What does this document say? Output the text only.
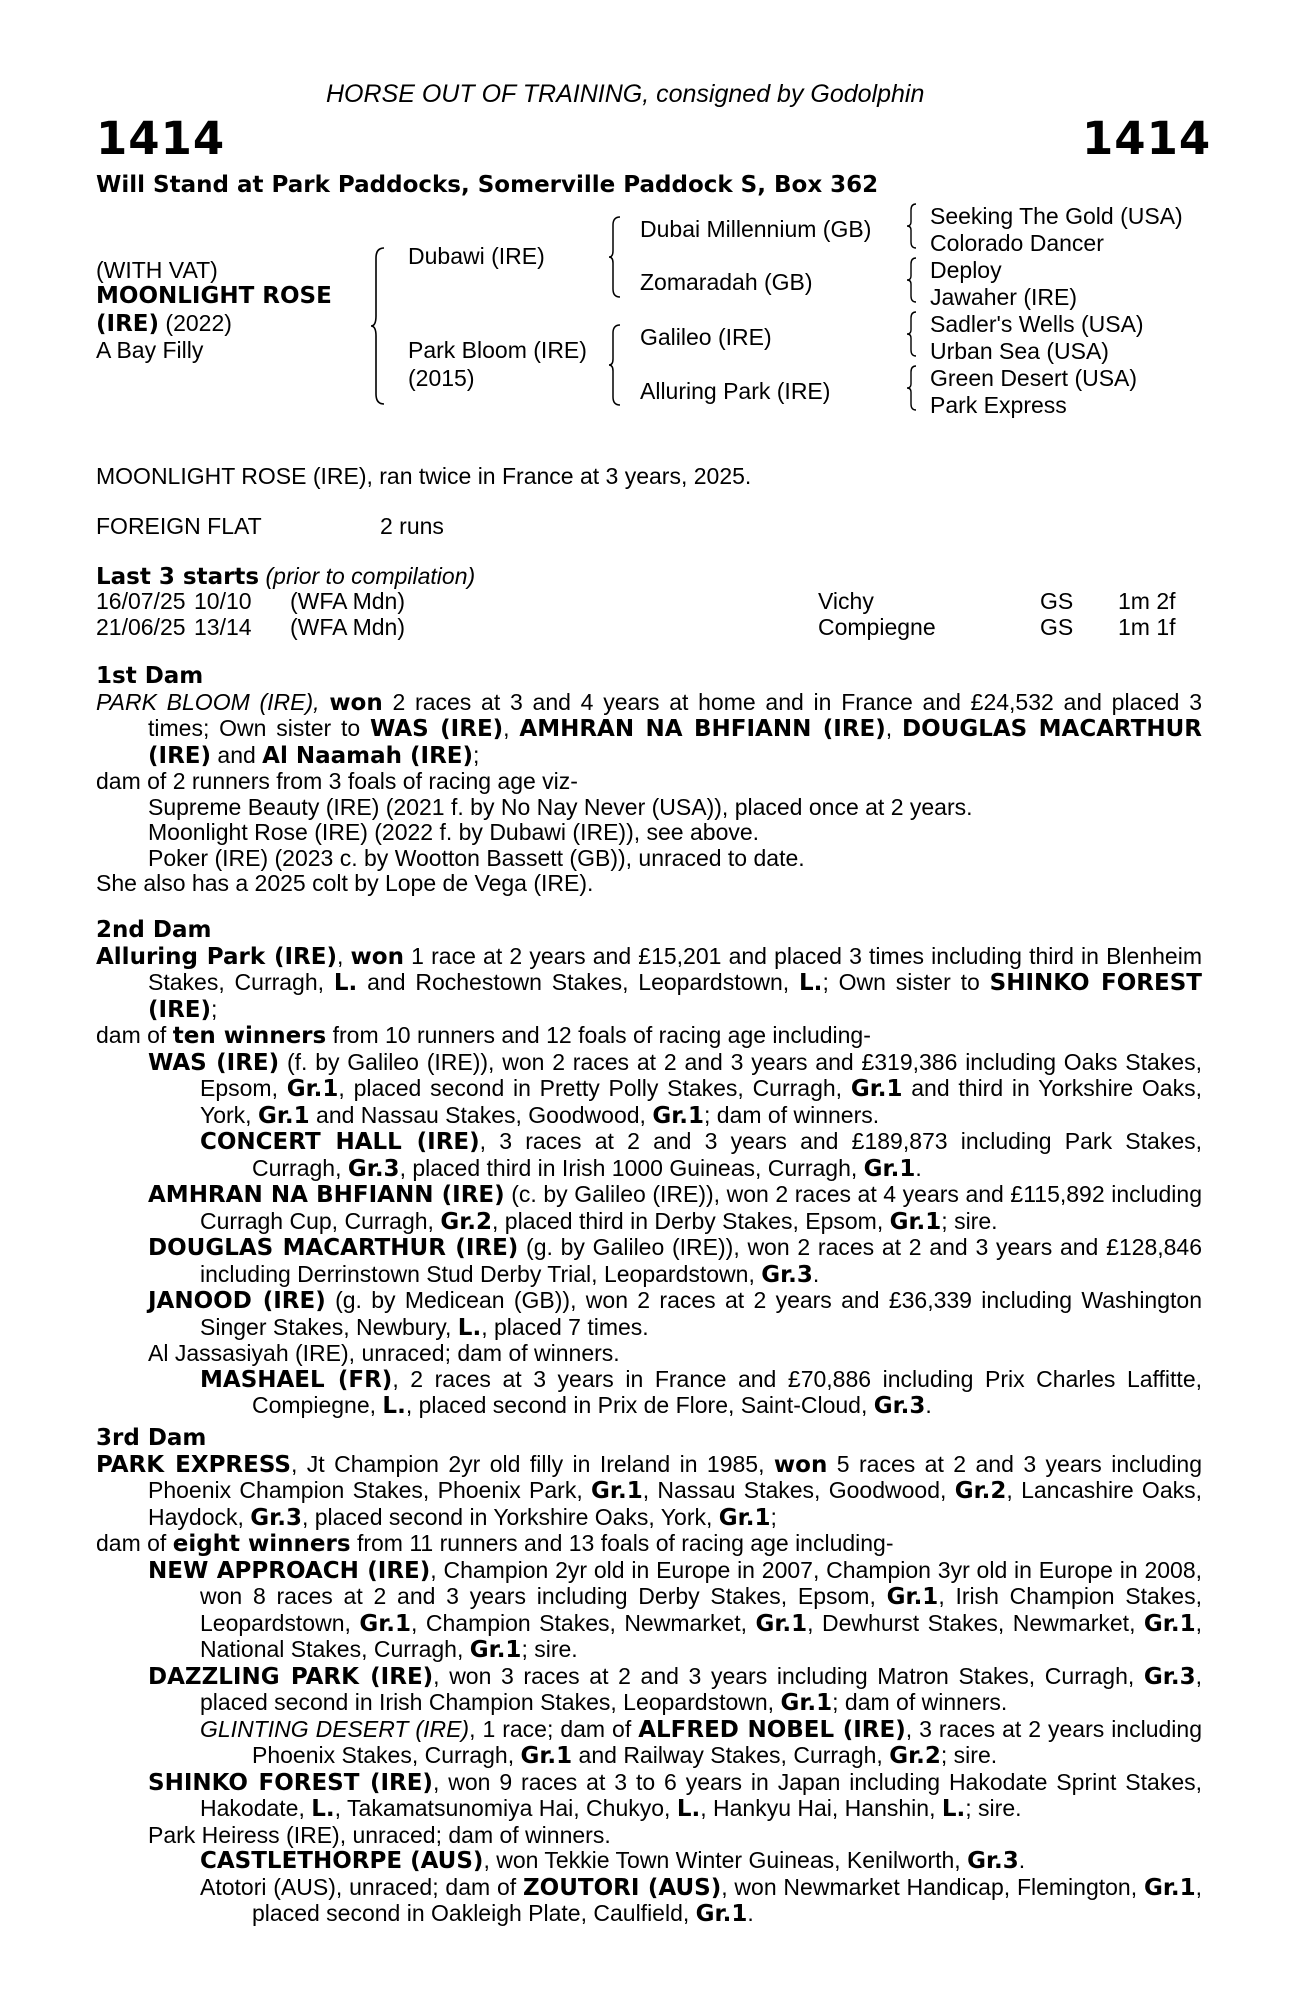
HORSE OUT OF TRAINING, consigned by Godolphin
1414	1414
Will Stand at Park Paddocks, Somerville Paddock S, Box 362
(WITH VAT)
MOONLIGHT ROSE
(IRE) (2022)
A Bay Filly
Dubawi (IRE)
Park Bloom (IRE)
(2015)
Dubai Millennium (GB)
Zomaradah (GB)
Galileo (IRE)
Alluring Park (IRE)
Seeking The Gold (USA)
Colorado Dancer
Deploy
Jawaher (IRE)
Sadler's Wells (USA)
Urban Sea (USA)
Green Desert (USA)
Park Express
MOONLIGHT ROSE (IRE), ran twice in France at 3 years, 2025.
FOREIGN FLAT	2 runs
Last 3 starts (prior to compilation)
16/07/25 10/10 (WFA Mdn)	Vichy	GS 1m 2f
21/06/25 13/14 (WFA Mdn)	Compiegne	GS 1m 1f

1st Dam

PARK BLOOM (IRE), won 2 races at 3 and 4 years at home and in France and £24,532 and placed 3 times; Own sister to WAS (IRE), AMHRAN NA BHFIANN (IRE), DOUGLAS MACARTHUR (IRE) and Al Naamah (IRE);

dam of 2 runners from 3 foals of racing age viz-

Supreme Beauty (IRE) (2021 f. by No Nay Never (USA)), placed once at 2 years.

Moonlight Rose (IRE) (2022 f. by Dubawi (IRE)), see above.

Poker (IRE) (2023 c. by Wootton Bassett (GB)), unraced to date.

She also has a 2025 colt by Lope de Vega (IRE).

2nd Dam

Alluring Park (IRE), won 1 race at 2 years and £15,201 and placed 3 times including third in Blenheim Stakes, Curragh, L. and Rochestown Stakes, Leopardstown, L.; Own sister to SHINKO FOREST (IRE);

dam of ten winners from 10 runners and 12 foals of racing age including-

WAS (IRE) (f. by Galileo (IRE)), won 2 races at 2 and 3 years and £319,386 including Oaks Stakes, Epsom, Gr.1, placed second in Pretty Polly Stakes, Curragh, Gr.1 and third in Yorkshire Oaks, York, Gr.1 and Nassau Stakes, Goodwood, Gr.1; dam of winners.

CONCERT HALL (IRE), 3 races at 2 and 3 years and £189,873 including Park Stakes, Curragh, Gr.3, placed third in Irish 1000 Guineas, Curragh, Gr.1.

AMHRAN NA BHFIANN (IRE) (c. by Galileo (IRE)), won 2 races at 4 years and £115,892 including Curragh Cup, Curragh, Gr.2, placed third in Derby Stakes, Epsom, Gr.1; sire.

DOUGLAS MACARTHUR (IRE) (g. by Galileo (IRE)), won 2 races at 2 and 3 years and £128,846 including Derrinstown Stud Derby Trial, Leopardstown, Gr.3.

JANOOD (IRE) (g. by Medicean (GB)), won 2 races at 2 years and £36,339 including Washington Singer Stakes, Newbury, L., placed 7 times.

Al Jassasiyah (IRE), unraced; dam of winners.

MASHAEL (FR), 2 races at 3 years in France and £70,886 including Prix Charles Laffitte, Compiegne, L., placed second in Prix de Flore, Saint-Cloud, Gr.3.

3rd Dam

PARK EXPRESS, Jt Champion 2yr old filly in Ireland in 1985, won 5 races at 2 and 3 years including Phoenix Champion Stakes, Phoenix Park, Gr.1, Nassau Stakes, Goodwood, Gr.2, Lancashire Oaks, Haydock, Gr.3, placed second in Yorkshire Oaks, York, Gr.1;

dam of eight winners from 11 runners and 13 foals of racing age including-

NEW APPROACH (IRE), Champion 2yr old in Europe in 2007, Champion 3yr old in Europe in 2008, won 8 races at 2 and 3 years including Derby Stakes, Epsom, Gr.1, Irish Champion Stakes, Leopardstown, Gr.1, Champion Stakes, Newmarket, Gr.1, Dewhurst Stakes, Newmarket, Gr.1, National Stakes, Curragh, Gr.1; sire.

DAZZLING PARK (IRE), won 3 races at 2 and 3 years including Matron Stakes, Curragh, Gr.3, placed second in Irish Champion Stakes, Leopardstown, Gr.1; dam of winners.

GLINTING DESERT (IRE), 1 race; dam of ALFRED NOBEL (IRE), 3 races at 2 years including Phoenix Stakes, Curragh, Gr.1 and Railway Stakes, Curragh, Gr.2; sire.

SHINKO FOREST (IRE), won 9 races at 3 to 6 years in Japan including Hakodate Sprint Stakes, Hakodate, L., Takamatsunomiya Hai, Chukyo, L., Hankyu Hai, Hanshin, L.; sire.

Park Heiress (IRE), unraced; dam of winners.

CASTLETHORPE (AUS), won Tekkie Town Winter Guineas, Kenilworth, Gr.3.

Atotori (AUS), unraced; dam of ZOUTORI (AUS), won Newmarket Handicap, Flemington, Gr.1, placed second in Oakleigh Plate, Caulfield, Gr.1.
